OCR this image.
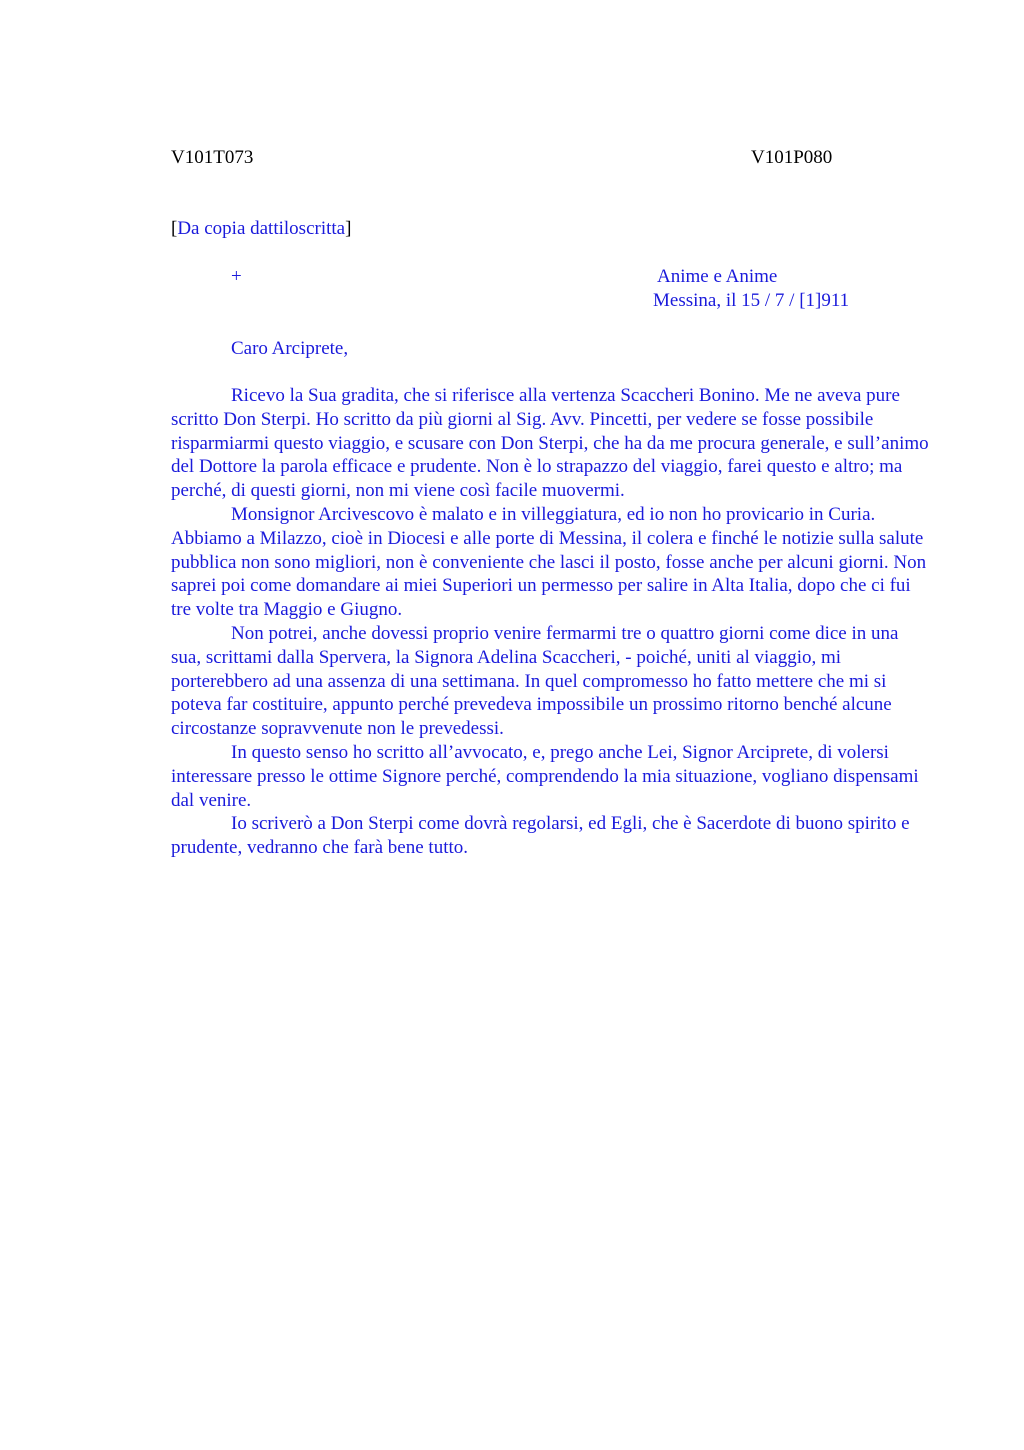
V101T073	V101P080
[Da copia dattiloscritta]
+	Anime e Anime
Messina, il 15 / 7 / [1]911
Caro Arciprete,

Ricevo la Sua gradita, che si riferisce alla vertenza Scaccheri Bonino. Me ne aveva pure scritto Don Sterpi. Ho scritto da più giorni al Sig. Avv. Pincetti, per vedere se fosse possibile risparmiarmi questo viaggio, e scusare con Don Sterpi, che ha da me procura generale, e sull’animo del Dottore la parola efficace e prudente. Non è lo strapazzo del viaggio, farei questo e altro; ma perché, di questi giorni, non mi viene così facile muovermi.

Monsignor Arcivescovo è malato e in villeggiatura, ed io non ho provicario in Curia. Abbiamo a Milazzo, cioè in Diocesi e alle porte di Messina, il colera e finché le notizie sulla salute pubblica non sono migliori, non è conveniente che lasci il posto, fosse anche per alcuni giorni. Non saprei poi come domandare ai miei Superiori un permesso per salire in Alta Italia, dopo che ci fui tre volte tra Maggio e Giugno.

Non potrei, anche dovessi proprio venire fermarmi tre o quattro giorni come dice in una sua, scrittami dalla Spervera, la Signora Adelina Scaccheri, - poiché, uniti al viaggio, mi porterebbero ad una assenza di una settimana. In quel compromesso ho fatto mettere che mi si poteva far costituire, appunto perché prevedeva impossibile un prossimo ritorno benché alcune circostanze sopravvenute non le prevedessi.

In questo senso ho scritto all’avvocato, e, prego anche Lei, Signor Arciprete, di volersi interessare presso le ottime Signore perché, comprendendo la mia situazione, vogliano dispensami dal venire.

Io scriverò a Don Sterpi come dovrà regolarsi, ed Egli, che è Sacerdote di buono spirito e prudente, vedranno che farà bene tutto.
